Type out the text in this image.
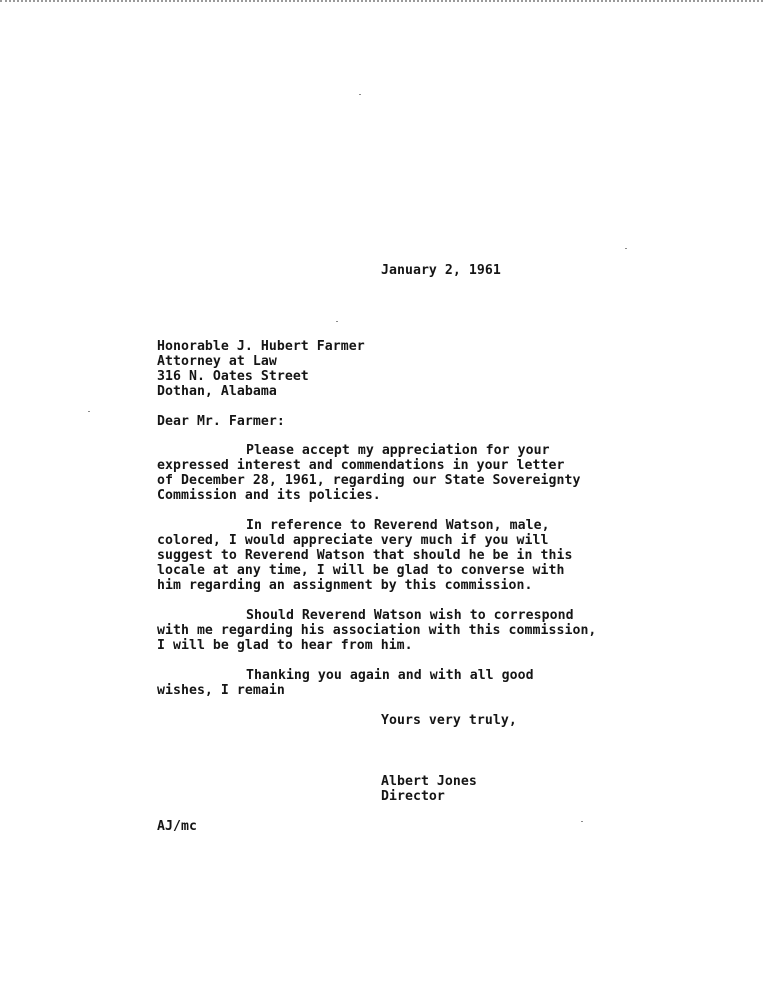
January 2, 1961
Honorable J. Hubert Farmer
Attorney at Law
316 N. Oates Street
Dothan, Alabama
Dear Mr. Farmer:
Please accept my appreciation for your
expressed interest and commendations in your letter
of December 28, 1961, regarding our State Sovereignty
Commission and its policies.
In reference to Reverend Watson, male,
colored, I would appreciate very much if you will
suggest to Reverend Watson that should he be in this
locale at any time, I will be glad to converse with
him regarding an assignment by this commission.
Should Reverend Watson wish to correspond
with me regarding his association with this commission,
I will be glad to hear from him.
Thanking you again and with all good
wishes, I remain
Yours very truly,
Albert Jones
Director
AJ/mc
